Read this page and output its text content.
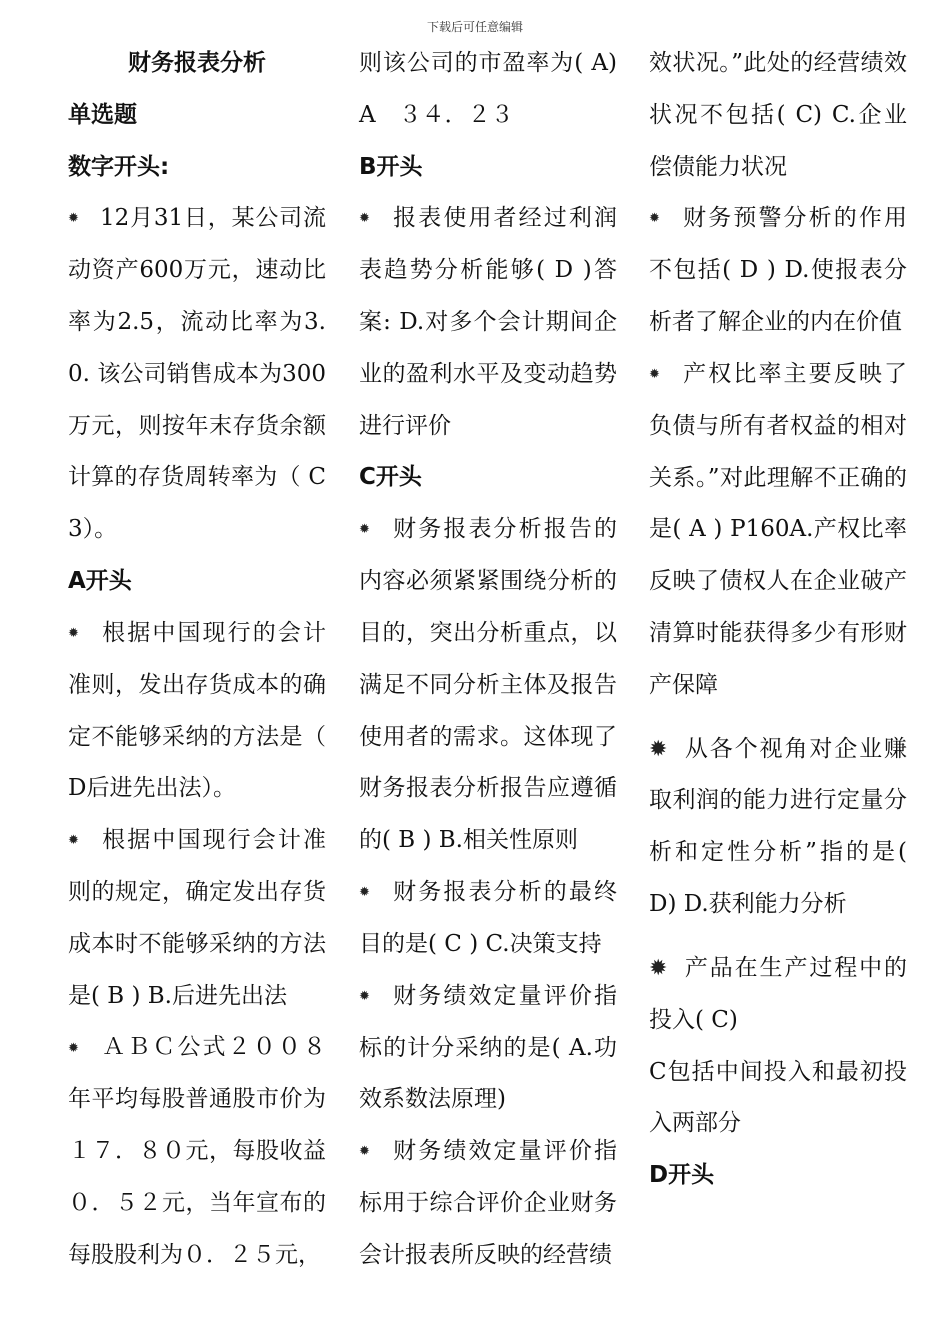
下载后可任意编辑

财务报表分析

单选题

数字开头:

✹ 12月31日，某公司流动资产600万元，速动比率为2.5，流动比率为3.0. 该公司销售成本为300万元，则按年末存货余额计算的存货周转率为（ C 3）。

A开头

✹ 根据中国现行的会计准则，发出存货成本的确定不能够采纳的方法是（ D后进先出法）。

✹ 根据中国现行会计准则的规定，确定发出存货成本时不能够采纳的方法是( B ) B.后进先出法

✹ ＡＢＣ公式２００８年平均每股普通股市价为１７．８０元，每股收益０．５２元，当年宣布的每股股利为０．２５元，

则该公司的市盈率为( A) A　３４．２３

B开头

✹ 报表使用者经过利润表趋势分析能够( D )答案: D.对多个会计期间企业的盈利水平及变动趋势进行评价

C开头

✹ 财务报表分析报告的内容必须紧紧围绕分析的目的，突出分析重点，以满足不同分析主体及报告使用者的需求。这体现了财务报表分析报告应遵循的( B ) B.相关性原则

✹ 财务报表分析的最终目的是( C ) C.决策支持

✹ 财务绩效定量评价指标的计分采纳的是( A.功效系数法原理)

✹ 财务绩效定量评价指标用于综合评价企业财务会计报表所反映的经营绩

效状况。”此处的经营绩效状况不包括( C) C.企业偿债能力状况

✹ 财务预警分析的作用不包括( D ) D.使报表分析者了解企业的内在价值

✹ 产权比率主要反映了负债与所有者权益的相对关系。”对此理解不正确的是( A ) P160A.产权比率反映了债权人在企业破产清算时能获得多少有形财产保障

✹ 从各个视角对企业赚取利润的能力进行定量分析和定性分析”指的是( D) D.获利能力分析

✹ 产品在生产过程中的投入( C)

C包括中间投入和最初投入两部分

D开头
